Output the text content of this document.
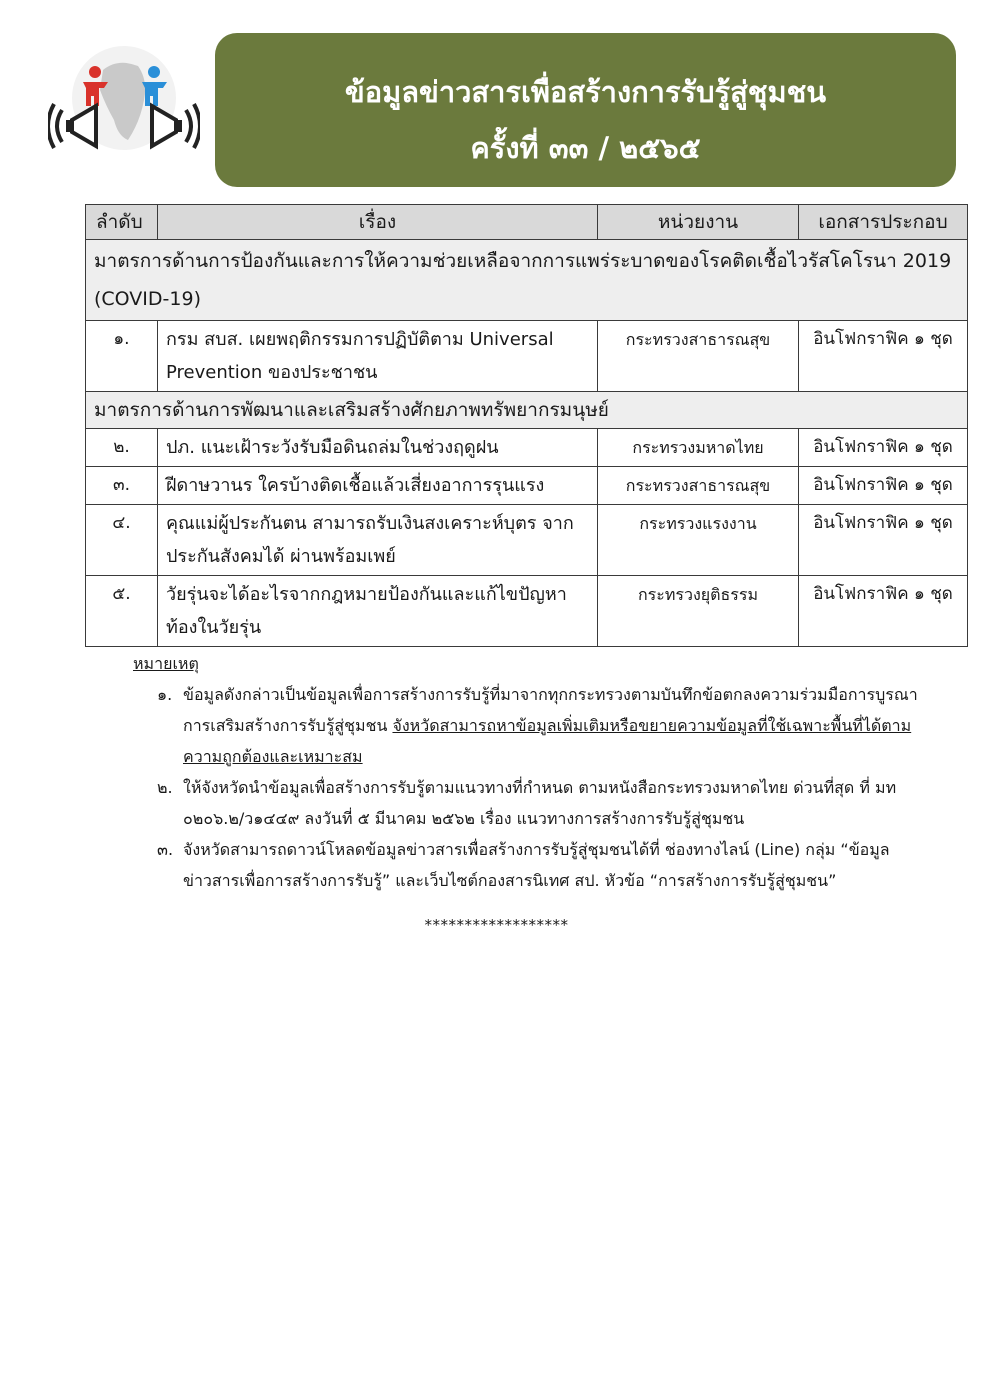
ข้อมูลข่าวสารเพื่อสร้างการรับรู้สู่ชุมชน
ครั้งที่ ๓๓ / ๒๕๖๕
ลำดับ	เรื่อง	หน่วยงาน	เอกสารประกอบ
มาตรการด้านการป้องกันและการให้ความช่วยเหลือจากการแพร่ระบาดของโรคติดเชื้อไวรัสโคโรนา 2019 (COVID-19)			
๑.	กรม สบส. เผยพฤติกรรมการปฏิบัติตาม Universal Prevention ของประชาชน	กระทรวงสาธารณสุข	อินโฟกราฟิค ๑ ชุด
มาตรการด้านการพัฒนาและเสริมสร้างศักยภาพทรัพยากรมนุษย์			
๒.	ปภ. แนะเฝ้าระวังรับมือดินถล่มในช่วงฤดูฝน	กระทรวงมหาดไทย	อินโฟกราฟิค ๑ ชุด
๓.	ฝีดาษวานร ใครบ้างติดเชื้อแล้วเสี่ยงอาการรุนแรง	กระทรวงสาธารณสุข	อินโฟกราฟิค ๑ ชุด
๔.	คุณแม่ผู้ประกันตน สามารถรับเงินสงเคราะห์บุตร จากประกันสังคมได้ ผ่านพร้อมเพย์	กระทรวงแรงงาน	อินโฟกราฟิค ๑ ชุด
๕.	วัยรุ่นจะได้อะไรจากกฎหมายป้องกันและแก้ไขปัญหาท้องในวัยรุ่น	กระทรวงยุติธรรม	อินโฟกราฟิค ๑ ชุด
หมายเหตุ
๑. ข้อมูลดังกล่าวเป็นข้อมูลเพื่อการสร้างการรับรู้ที่มาจากทุกกระทรวงตามบันทึกข้อตกลงความร่วมมือการบูรณาการเสริมสร้างการรับรู้สู่ชุมชน จังหวัดสามารถหาข้อมูลเพิ่มเติมหรือขยายความข้อมูลที่ใช้เฉพาะพื้นที่ได้ตามความถูกต้องและเหมาะสม
๒. ให้จังหวัดนำข้อมูลเพื่อสร้างการรับรู้ตามแนวทางที่กำหนด ตามหนังสือกระทรวงมหาดไทย ด่วนที่สุด ที่ มท ๐๒๐๖.๒/ว๑๔๔๙ ลงวันที่ ๕ มีนาคม ๒๕๖๒ เรื่อง แนวทางการสร้างการรับรู้สู่ชุมชน
๓. จังหวัดสามารถดาวน์โหลดข้อมูลข่าวสารเพื่อสร้างการรับรู้สู่ชุมชนได้ที่ ช่องทางไลน์ (Line) กลุ่ม “ข้อมูลข่าวสารเพื่อการสร้างการรับรู้” และเว็บไซต์กองสารนิเทศ สป. หัวข้อ “การสร้างการรับรู้สู่ชุมชน”
******************
